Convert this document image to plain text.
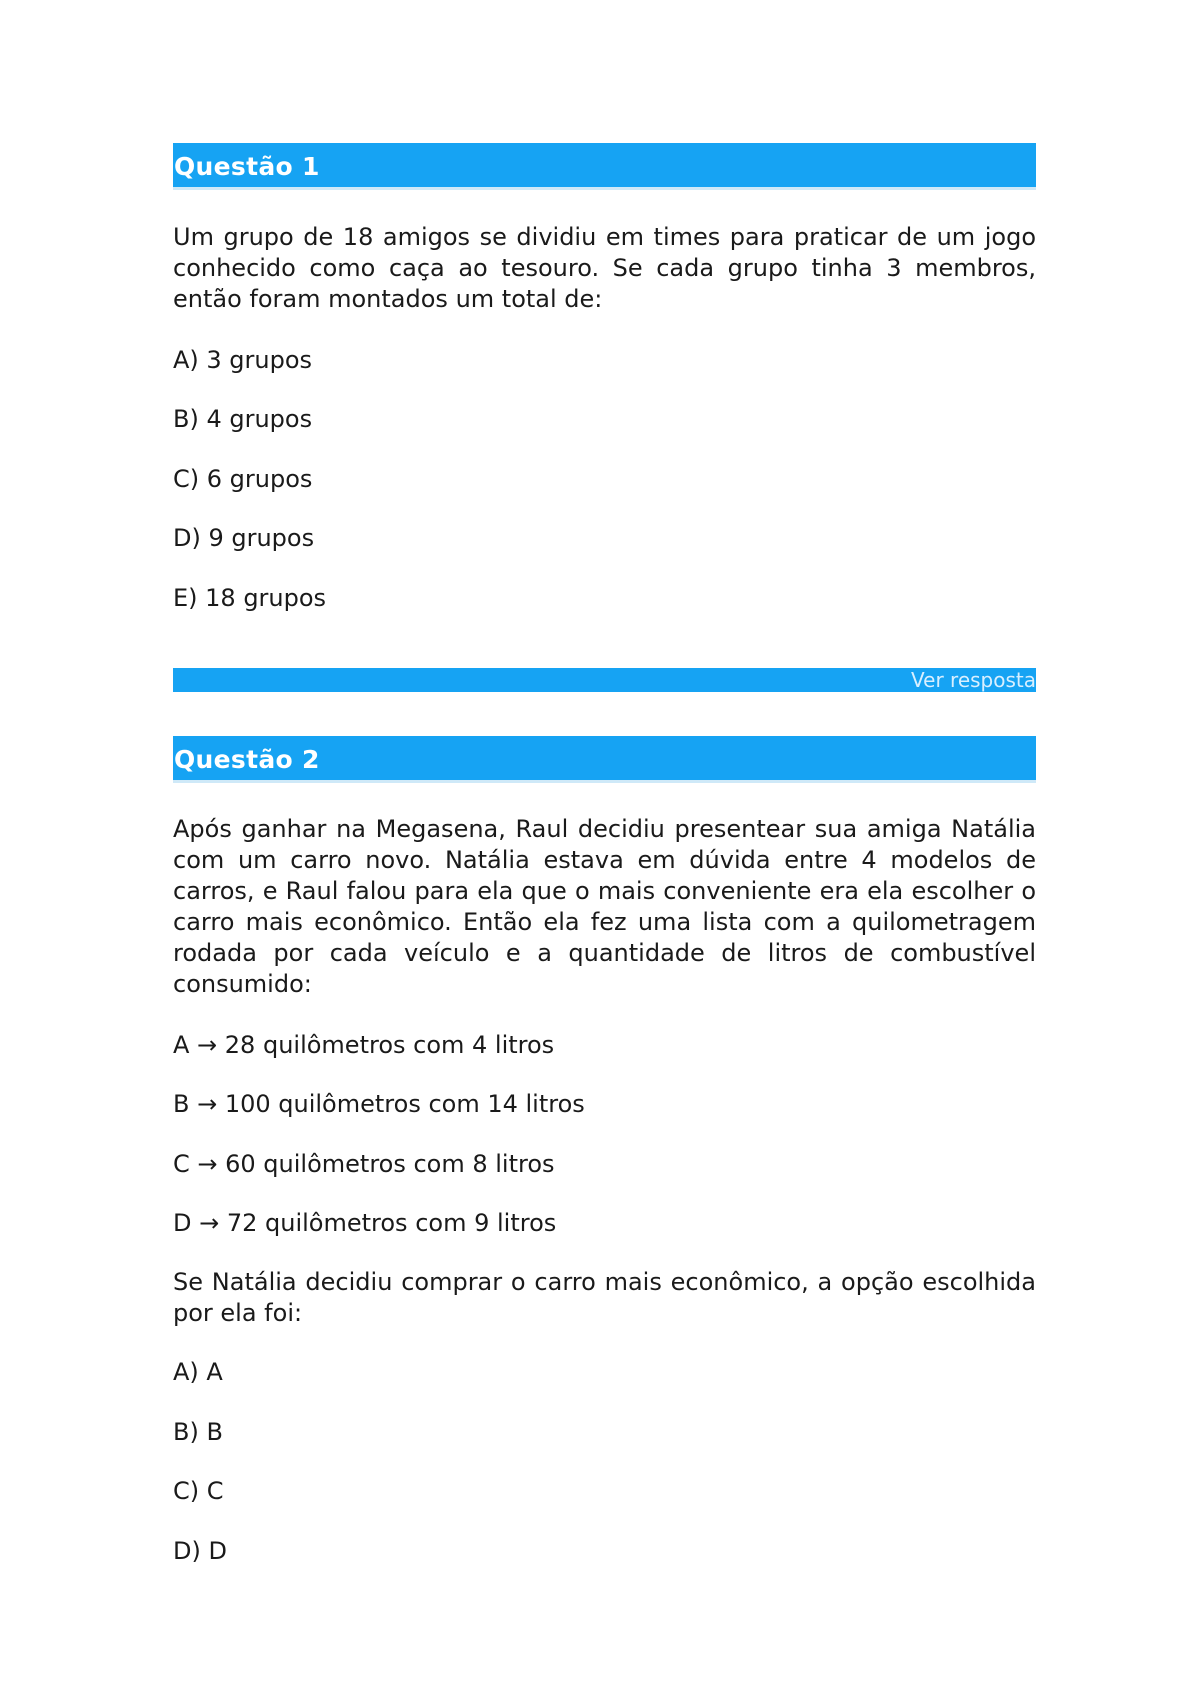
Questão 1

Um grupo de 18 amigos se dividiu em times para praticar de um jogo conhecido como caça ao tesouro. Se cada grupo tinha 3 membros, então foram montados um total de:

A) 3 grupos

B) 4 grupos

C) 6 grupos

D) 9 grupos

E) 18 grupos

Ver resposta
Questão 2

Após ganhar na Megasena, Raul decidiu presentear sua amiga Natália com um carro novo. Natália estava em dúvida entre 4 modelos de carros, e Raul falou para ela que o mais conveniente era ela escolher o carro mais econômico. Então ela fez uma lista com a quilometragem rodada por cada veículo e a quantidade de litros de combustível consumido:

A → 28 quilômetros com 4 litros

B → 100 quilômetros com 14 litros

C → 60 quilômetros com 8 litros

D → 72 quilômetros com 9 litros

Se Natália decidiu comprar o carro mais econômico, a opção escolhida por ela foi:

A) A

B) B

C) C

D) D
